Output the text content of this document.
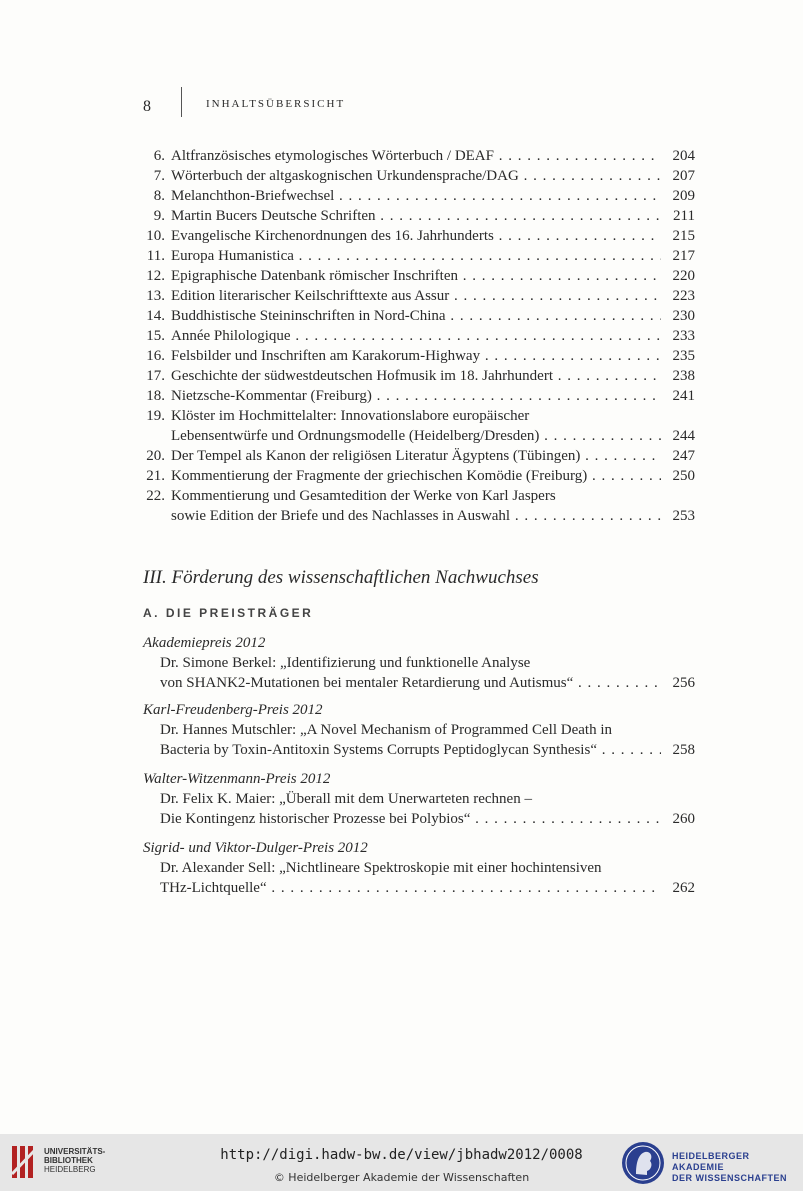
8	INHALTSÜBERSICHT
6. Altfranzösisches etymologisches Wörterbuch / DEAF . . .	204
7. Wörterbuch der altgaskognischen Urkundensprache/DAG . . .	207
8. Melanchthon-Briefwechsel . . .	209
9. Martin Bucers Deutsche Schriften . . .	211
10. Evangelische Kirchenordnungen des 16. Jahrhunderts . . .	215
11. Europa Humanistica . . .	217
12. Epigraphische Datenbank römischer Inschriften . . .	220
13. Edition literarischer Keilschrifttexte aus Assur . . .	223
14. Buddhistische Steininschriften in Nord-China . . .	230
15. Année Philologique . . .	233
16. Felsbilder und Inschriften am Karakorum-Highway . . .	235
17. Geschichte der südwestdeutschen Hofmusik im 18. Jahrhundert . . .	238
18. Nietzsche-Kommentar (Freiburg) . . .	241
19. Klöster im Hochmittelalter: Innovationslabore europäischer
Lebensentwürfe und Ordnungsmodelle (Heidelberg/Dresden) . . .	244
20. Der Tempel als Kanon der religiösen Literatur Ägyptens (Tübingen) . . .	247
21. Kommentierung der Fragmente der griechischen Komödie (Freiburg) . . .	250
22. Kommentierung und Gesamtedition der Werke von Karl Jaspers
sowie Edition der Briefe und des Nachlasses in Auswahl . . .	253
III. Förderung des wissenschaftlichen Nachwuchses
A. DIE PREISTRÄGER
Akademiepreis 2012
Dr. Simone Berkel: „Identifizierung und funktionelle Analyse
von SHANK2-Mutationen bei mentaler Retardierung und Autismus“ . . .	256
Karl-Freudenberg-Preis 2012
Dr. Hannes Mutschler: „A Novel Mechanism of Programmed Cell Death in
Bacteria by Toxin-Antitoxin Systems Corrupts Peptidoglycan Synthesis“ . . .	258
Walter-Witzenmann-Preis 2012
Dr. Felix K. Maier: „Überall mit dem Unerwarteten rechnen –
Die Kontingenz historischer Prozesse bei Polybios“ . . .	260
Sigrid- und Viktor-Dulger-Preis 2012
Dr. Alexander Sell: „Nichtlineare Spektroskopie mit einer hochintensiven
THz-Lichtquelle“ . . .	262
UNIVERSITÄTS-
BIBLIOTHEK
HEIDELBERG
http://digi.hadw-bw.de/view/jbhadw2012/0008
© Heidelberger Akademie der Wissenschaften
HEIDELBERGER AKADEMIE
DER WISSENSCHAFTEN
